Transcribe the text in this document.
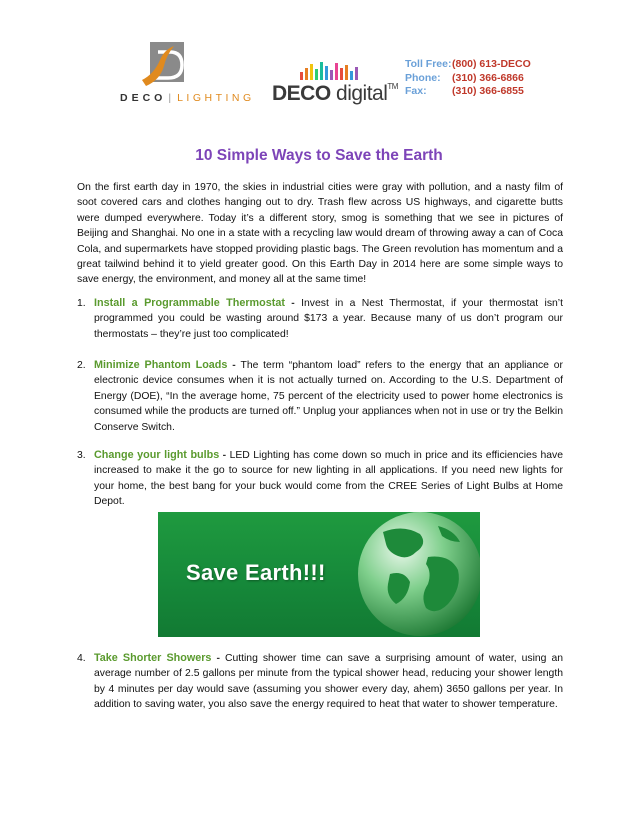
DECO | LIGHTING DECO digital™
Toll Free: (800) 613-DECO
Phone:	(310) 366-6866
Fax:	(310) 366-6855
10 Simple Ways to Save the Earth

On the first earth day in 1970, the skies in industrial cities were gray with pollution, and a nasty film of soot covered cars and clothes hanging out to dry. Trash flew across US highways, and cigarette butts were dumped everywhere. Today it’s a different story, smog is something that we see in pictures of Beijing and Shanghai. No one in a state with a recycling law would dream of throwing away a can of Coca Cola, and supermarkets have stopped providing plastic bags. The Green revolution has momentum and a great tailwind behind it to yield greater good. On this Earth Day in 2014 here are some simple ways to save energy, the environment, and money all at the same time!

1. Install a Programmable Thermostat - Invest in a Nest Thermostat, if your thermostat isn’t programmed you could be wasting around $173 a year. Because many of us don’t program our thermostats – they’re just too complicated!
2. Minimize Phantom Loads - The term “phantom load” refers to the energy that an appliance or electronic device consumes when it is not actually turned on. According to the U.S. Department of Energy (DOE), “In the average home, 75 percent of the electricity used to power home electronics is consumed while the products are turned off.” Unplug your appliances when not in use or try the Belkin Conserve Switch.
3. Change your light bulbs - LED Lighting has come down so much in price and its efficiencies have increased to make it the go to source for new lighting in all applications. If you need new lights for your home, the best bang for your buck would come from the CREE Series of Light Bulbs at Home Depot.
Save Earth!!!
4. Take Shorter Showers - Cutting shower time can save a surprising amount of water, using an average number of 2.5 gallons per minute from the typical shower head, reducing your shower length by 4 minutes per day would save (assuming you shower every day, ahem) 3650 gallons per year. In addition to saving water, you also save the energy required to heat that water to shower temperature.
